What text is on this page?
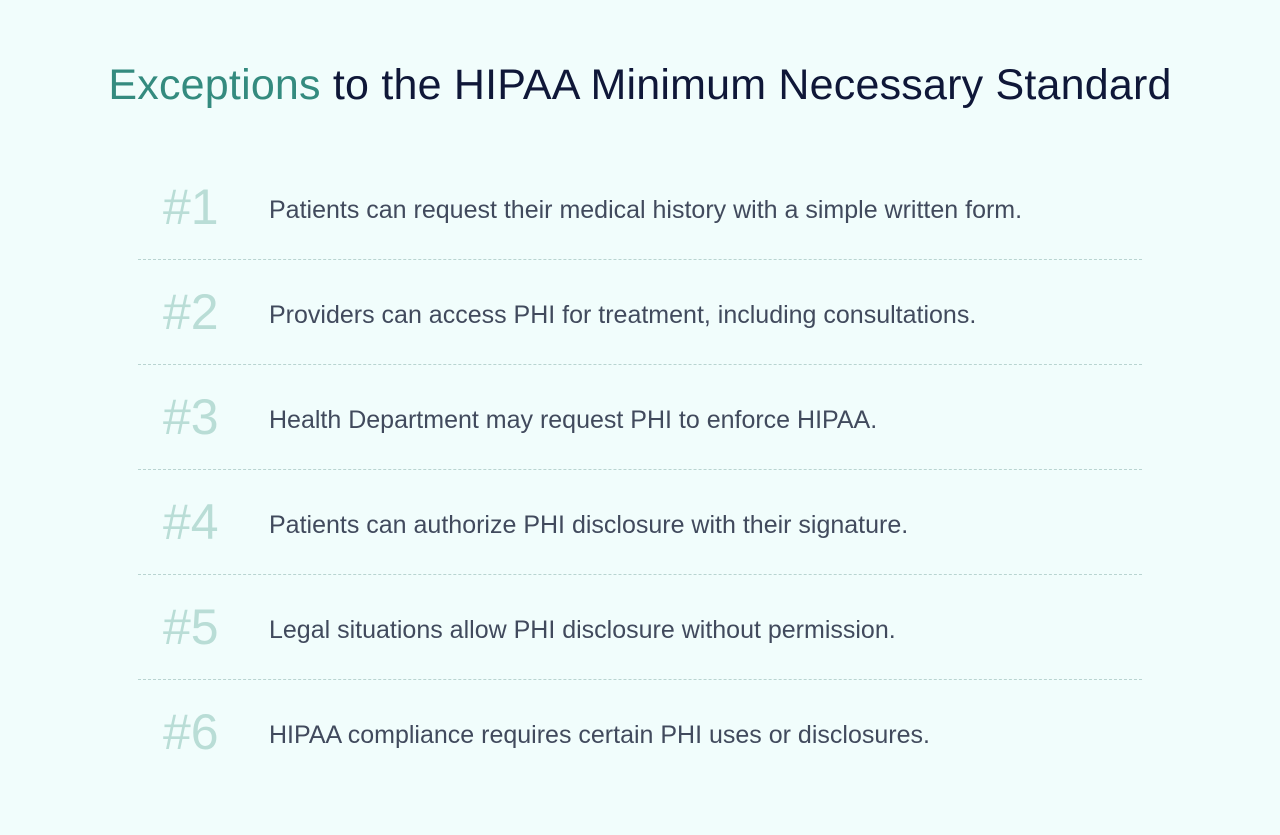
Exceptions to the HIPAA Minimum Necessary Standard
#1 Patients can request their medical history with a simple written form.
#2 Providers can access PHI for treatment, including consultations.
#3 Health Department may request PHI to enforce HIPAA.
#4 Patients can authorize PHI disclosure with their signature.
#5 Legal situations allow PHI disclosure without permission.
#6 HIPAA compliance requires certain PHI uses or disclosures.
